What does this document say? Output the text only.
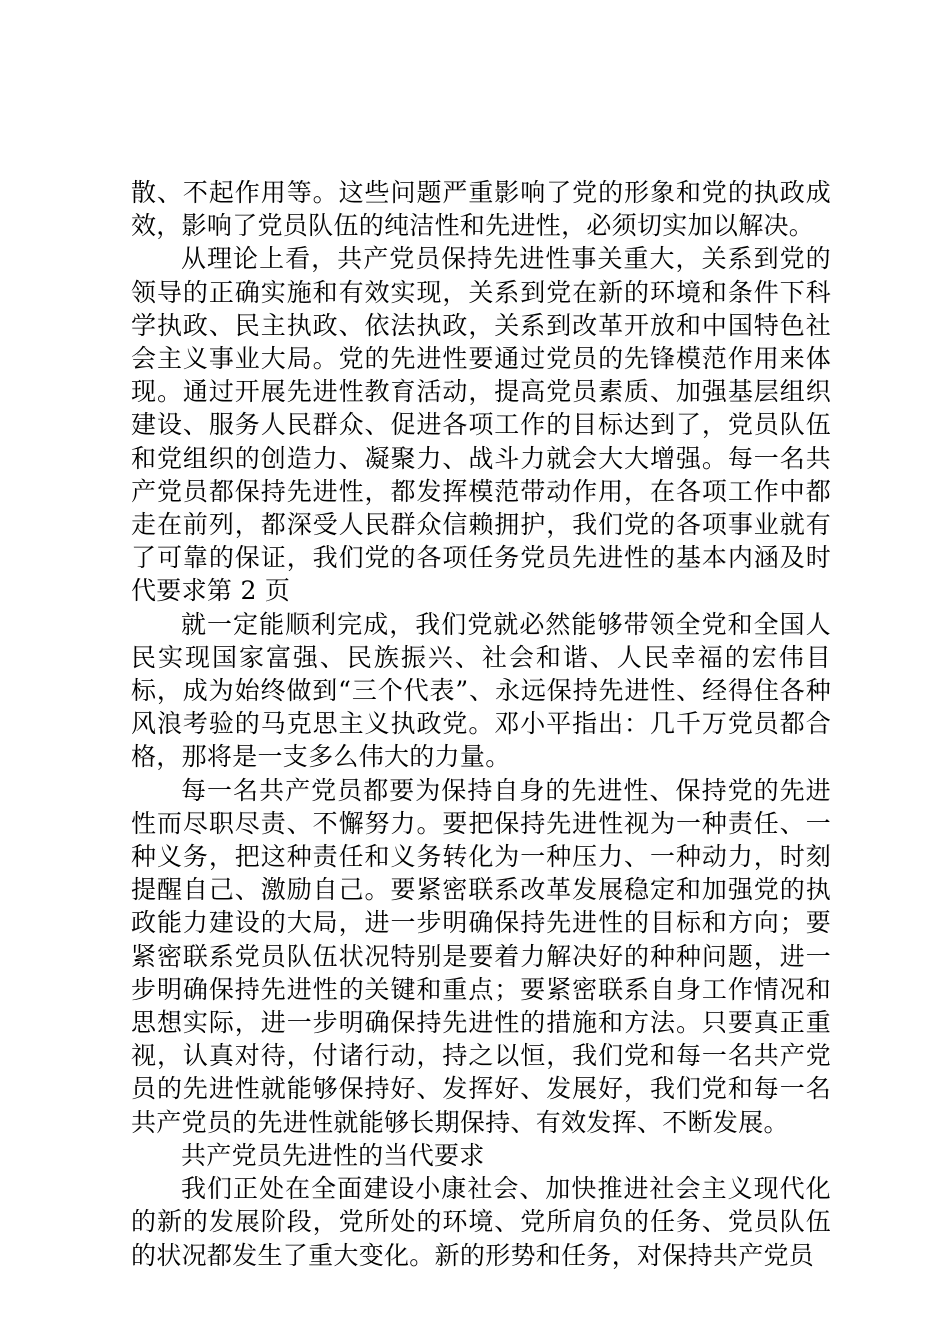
散、不起作用等。这些问题严重影响了党的形象和党的执政成效，影响了党员队伍的纯洁性和先进性，必须切实加以解决。

从理论上看，共产党员保持先进性事关重大，关系到党的领导的正确实施和有效实现，关系到党在新的环境和条件下科学执政、民主执政、依法执政，关系到改革开放和中国特色社会主义事业大局。党的先进性要通过党员的先锋模范作用来体现。通过开展先进性教育活动，提高党员素质、加强基层组织建设、服务人民群众、促进各项工作的目标达到了，党员队伍和党组织的创造力、凝聚力、战斗力就会大大增强。每一名共产党员都保持先进性，都发挥模范带动作用，在各项工作中都走在前列，都深受人民群众信赖拥护，我们党的各项事业就有了可靠的保证，我们党的各项任务党员先进性的基本内涵及时代要求第 2 页

就一定能顺利完成，我们党就必然能够带领全党和全国人民实现国家富强、民族振兴、社会和谐、人民幸福的宏伟目标，成为始终做到“三个代表”、永远保持先进性、经得住各种风浪考验的马克思主义执政党。邓小平指出：几千万党员都合格，那将是一支多么伟大的力量。

每一名共产党员都要为保持自身的先进性、保持党的先进性而尽职尽责、不懈努力。要把保持先进性视为一种责任、一种义务，把这种责任和义务转化为一种压力、一种动力，时刻提醒自己、激励自己。要紧密联系改革发展稳定和加强党的执政能力建设的大局，进一步明确保持先进性的目标和方向；要紧密联系党员队伍状况特别是要着力解决好的种种问题，进一步明确保持先进性的关键和重点；要紧密联系自身工作情况和思想实际，进一步明确保持先进性的措施和方法。只要真正重视，认真对待，付诸行动，持之以恒，我们党和每一名共产党员的先进性就能够保持好、发挥好、发展好，我们党和每一名共产党员的先进性就能够长期保持、有效发挥、不断发展。

共产党员先进性的当代要求

我们正处在全面建设小康社会、加快推进社会主义现代化的新的发展阶段，党所处的环境、党所肩负的任务、党员队伍的状况都发生了重大变化。新的形势和任务，对保持共产党员
